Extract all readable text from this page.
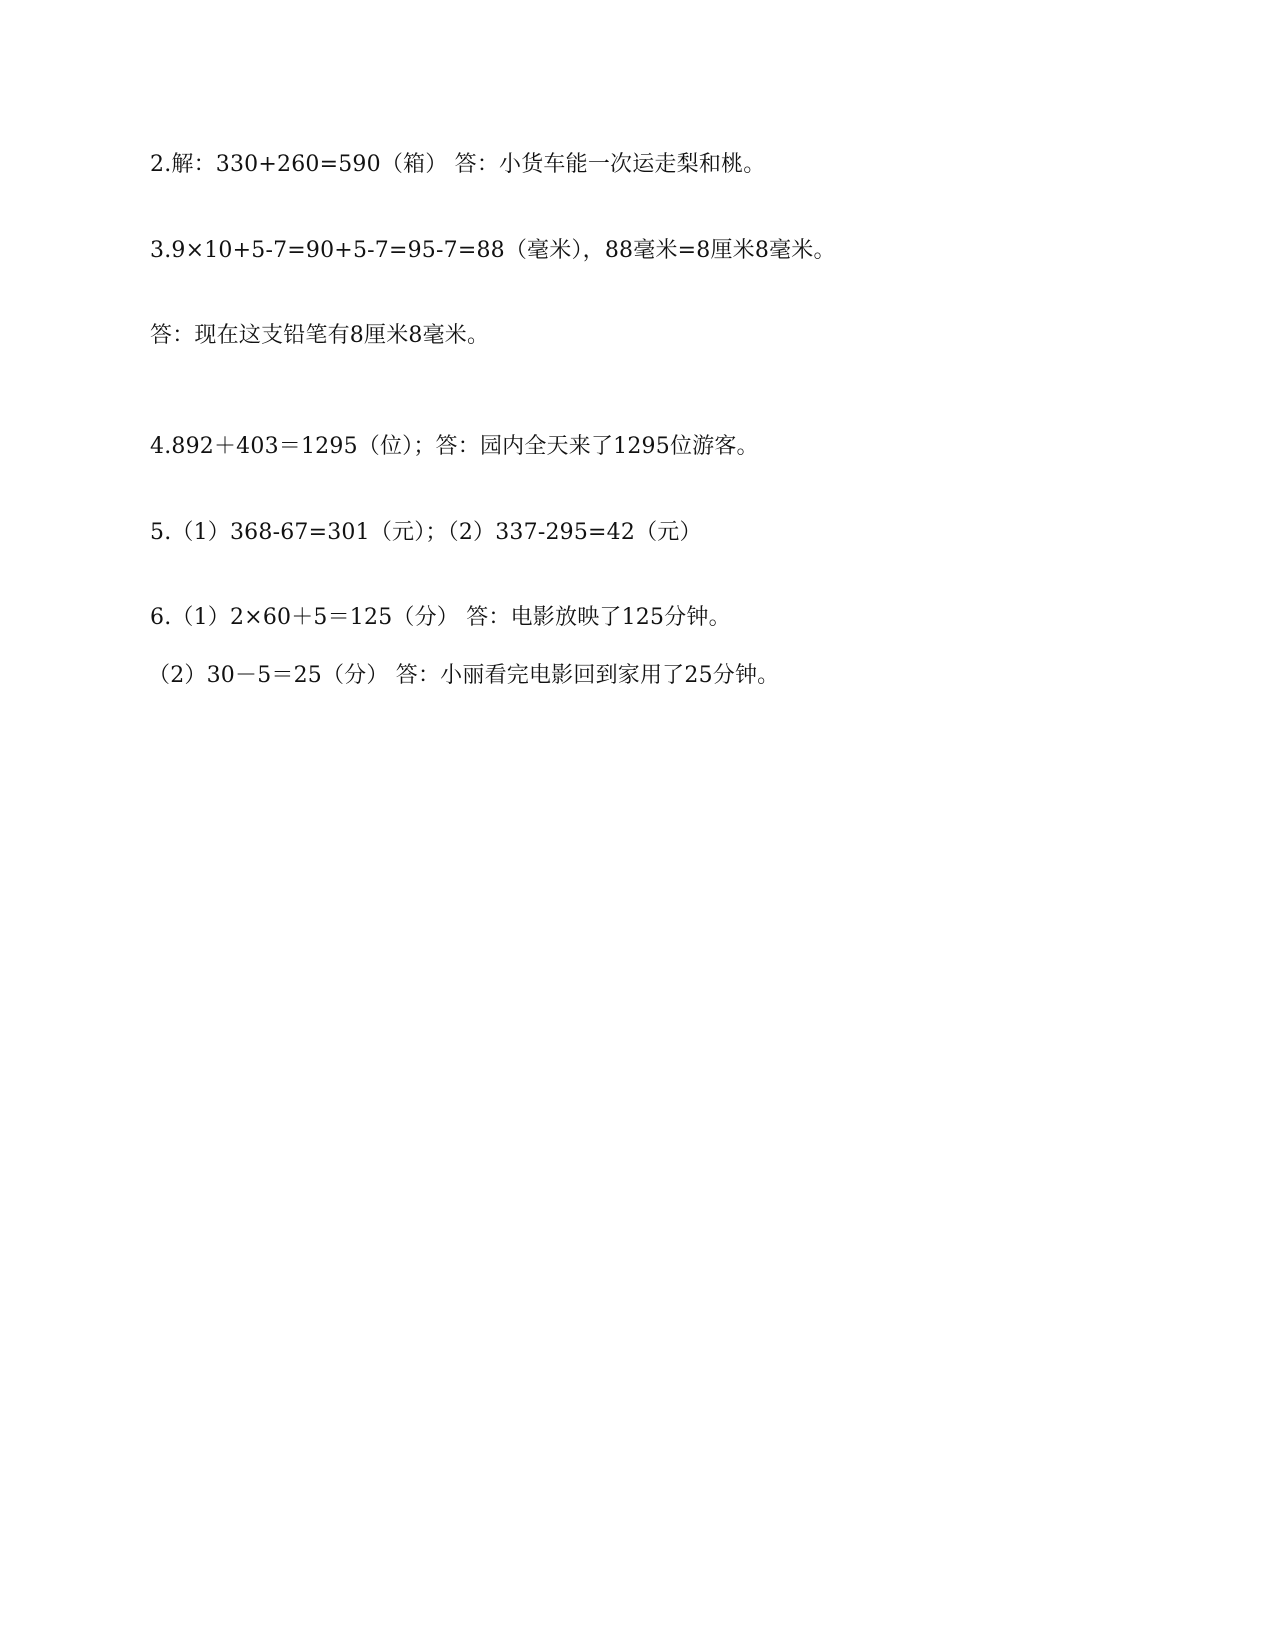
2.解：330+260=590（箱） 答：小货车能一次运走梨和桃。
3.9×10+5-7=90+5-7=95-7=88（毫米），88毫米=8厘米8毫米。
答：现在这支铅笔有8厘米8毫米。
4.892＋403＝1295（位）；答：园内全天来了1295位游客。
5.（1）368-67=301（元）；（2）337-295=42（元）
6.（1）2×60＋5＝125（分） 答：电影放映了125分钟。
（2）30－5＝25（分） 答：小丽看完电影回到家用了25分钟。
